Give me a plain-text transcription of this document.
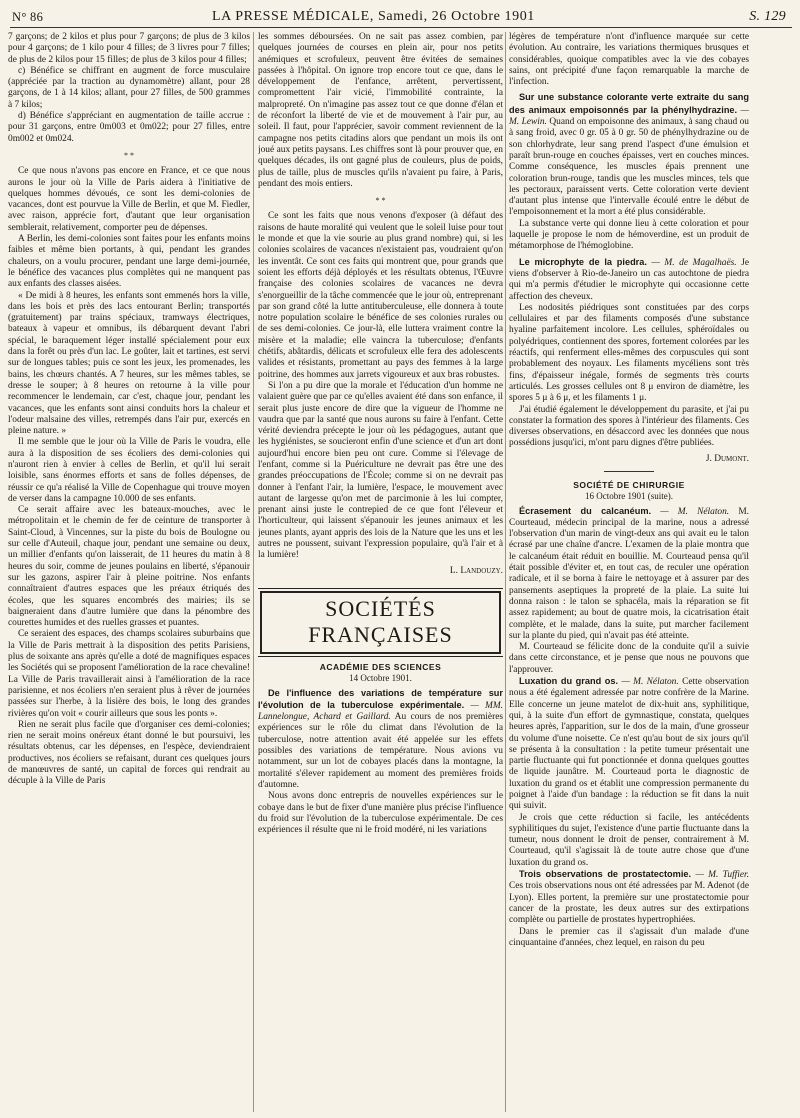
N° 86	LA PRESSE MÉDICALE, Samedi, 26 Octobre 1901	S. 129

7 garçons; de 2 kilos et plus pour 7 garçons; de plus de 3 kilos pour 4 garçons; de 1 kilo pour 4 filles; de 3 livres pour 7 filles; de plus de 2 kilos pour 15 filles; de plus de 3 kilos pour 4 filles;

c) Bénéfice se chiffrant en augment de force musculaire (appréciée par la traction au dynamomètre) allant, pour 28 garçons, de 1 à 14 kilos; allant, pour 27 filles, de 500 grammes à 7 kilos;

d) Bénéfice s'appréciant en augmentation de taille accrue : pour 31 garçons, entre 0m003 et 0m022; pour 27 filles, entre 0m002 et 0m024.

* *

Ce que nous n'avons pas encore en France, et ce que nous aurons le jour où la Ville de Paris aidera à l'initiative de quelques hommes dévoués, ce sont les demi-colonies de vacances, dont est pourvue la Ville de Berlin, et que M. Fiedler, avec raison, apprécie fort, d'autant que leur organisation semblerait, relativement, comporter peu de dépenses.

A Berlin, les demi-colonies sont faites pour les enfants moins faibles et même bien portants, à qui, pendant les grandes chaleurs, on a voulu procurer, pendant une large demi-journée, le bénéfice des vacances plus complètes qui ne manquent pas aux enfants des classes aisées.

« De midi à 8 heures, les enfants sont emmenés hors la ville, dans les bois et près des lacs entourant Berlin; transportés (gratuitement) par trains spéciaux, tramways électriques, bateaux à vapeur et omnibus, ils débarquent devant l'abri spécial, le baraquement léger installé spécialement pour eux dans la forêt ou près d'un lac. Le goûter, lait et tartines, est servi sur de longues tables; puis ce sont les jeux, les promenades, les bains, les chœurs chantés. A 7 heures, sur les mêmes tables, se dresse le souper; à 8 heures on retourne à la ville pour recommencer le lendemain, car c'est, chaque jour, pendant les vacances, que les enfants sont ainsi conduits hors la chaleur et l'odeur malsaine des villes, retrempés dans l'air pur, exercés en pleine nature. »

Il me semble que le jour où la Ville de Paris le voudra, elle aura à la disposition de ses écoliers des demi-colonies qui n'auront rien à envier à celles de Berlin, et qu'il lui serait loisible, sans énormes efforts et sans de folles dépenses, de réussir ce qu'a réalisé la Ville de Copenhague qui trouve moyen de verser dans la campagne 10.000 de ses enfants.

Ce serait affaire avec les bateaux-mouches, avec le métropolitain et le chemin de fer de ceinture de transporter à Saint-Cloud, à Vincennes, sur la piste du bois de Boulogne ou sur celle d'Auteuil, chaque jour, pendant une semaine ou deux, un millier d'enfants qu'on laisserait, de 11 heures du matin à 8 heures du soir, comme de jeunes poulains en liberté, s'épanouir sur les gazons, aspirer l'air à pleine poitrine. Nos enfants connaîtraient d'autres espaces que les préaux étriqués des écoles, que les squares encombrés des mairies; ils se baigneraient dans d'autre lumière que dans la pénombre des courettes humides et des ruelles grasses et puantes.

Ce seraient des espaces, des champs scolaires suburbains que la Ville de Paris mettrait à la disposition des petits Parisiens, plus de soixante ans après qu'elle a doté de magnifiques espaces les Sociétés qui se proposent l'amélioration de la race chevaline! La Ville de Paris travaillerait ainsi à l'amélioration de la race parisienne, et nos écoliers n'en seraient plus à rêver de journées passées sur l'herbe, à la lisière des bois, le long des grandes rivières qu'on voit « courir ailleurs que sous les ponts ».

Rien ne serait plus facile que d'organiser ces demi-colonies; rien ne serait moins onéreux étant donné le but poursuivi, les résultats obtenus, car les dépenses, en l'espèce, deviendraient productives, nos écoliers se refaisant, durant ces quelques jours de manœuvres de santé, un capital de forces qui rendrait au décuple à la Ville de Paris

les sommes déboursées. On ne sait pas assez combien, par quelques journées de courses en plein air, pour nos petits anémiques et scrofuleux, peuvent être évitées de semaines passées à l'hôpital. On ignore trop encore tout ce que, dans le développement de l'enfance, arrêtent, pervertissent, compromettent l'air vicié, l'immobilité contrainte, la malpropreté. On n'imagine pas assez tout ce que donne d'élan et de réconfort la liberté de vie et de mouvement à l'air pur, au soleil. Il faut, pour l'apprécier, savoir comment reviennent de la campagne nos petits citadins alors que pendant un mois ils ont joué aux petits paysans. Les chiffres sont là pour prouver que, en quelques décades, ils ont gagné plus de couleurs, plus de poids, plus de taille, plus de muscles qu'ils n'avaient pu faire, à Paris, pendant des mois entiers.

* *

Ce sont les faits que nous venons d'exposer (à défaut des raisons de haute moralité qui veulent que le soleil luise pour tout le monde et que la vie sourie au plus grand nombre) qui, si les colonies scolaires de vacances n'existaient pas, voudraient qu'on les inventât. Ce sont ces faits qui montrent que, pour grands que soient les efforts déjà déployés et les résultats obtenus, l'Œuvre française des colonies scolaires de vacances ne devra s'enorgueillir de la tâche commencée que le jour où, entreprenant par son grand côté la lutte antituberculeuse, elle donnera à toute notre population scolaire le bénéfice de ses colonies rurales ou de ses demi-colonies. Ce jour-là, elle luttera vraiment contre la misère et la maladie; elle vaincra la tuberculose; d'enfants chétifs, abâtardis, délicats et scrofuleux elle fera des adolescents valides et résistants, promettant au pays des femmes à la large poitrine, des hommes aux jarrets vigoureux et aux bras robustes.

Si l'on a pu dire que la morale et l'éducation d'un homme ne valaient guère que par ce qu'elles avaient été dans son enfance, il serait plus juste encore de dire que la vigueur de l'homme ne vaudra que par la santé que nous aurons su faire à l'enfant. Cette vérité deviendra précepte le jour où les pédagogues, autant que les hygiénistes, se soucieront enfin d'une science et d'un art dont aujourd'hui encore bien peu ont cure. Comme si l'élevage de l'enfant, comme si la Puériculture ne devrait pas être une des grandes préoccupations de l'École; comme si on ne devrait pas donner à l'enfant l'air, la lumière, l'espace, le mouvement avec autant de largesse qu'on met de parcimonie à les lui compter, prenant ainsi juste le contrepied de ce que font l'éleveur et l'horticulteur, qui laissent s'épanouir les jeunes animaux et les jeunes plants, ayant appris des lois de la Nature que les uns et les autres ne poussent, suivant l'expression populaire, qu'à l'air et à la lumière!

L. Landouzy.

SOCIÉTÉS FRANÇAISES

ACADÉMIE DES SCIENCES

14 Octobre 1901.

De l'influence des variations de température sur l'évolution de la tuberculose expérimentale. — MM. Lannelongue, Achard et Gaillard. Au cours de nos premières expériences sur le rôle du climat dans l'évolution de la tuberculose, notre attention avait été appelée sur les effets possibles des variations de température. Nous avions vu notamment, sur un lot de cobayes placés dans la montagne, la mortalité s'élever rapidement au moment des premières froids d'automne.

Nous avons donc entrepris de nouvelles expériences sur le cobaye dans le but de fixer d'une manière plus précise l'influence du froid sur l'évolution de la tuberculose expérimentale. De ces expériences il résulte que ni le froid modéré, ni les variations

légères de température n'ont d'influence marquée sur cette évolution. Au contraire, les variations thermiques brusques et considérables, quoique compatibles avec la vie des cobayes sains, ont précipité d'une façon remarquable la marche de l'infection.

Sur une substance colorante verte extraite du sang des animaux empoisonnés par la phénylhydrazine. — M. Lewin. Quand on empoisonne des animaux, à sang chaud ou à sang froid, avec 0 gr. 05 à 0 gr. 50 de phénylhydrazine ou de son chlorhydrate, leur sang prend l'aspect d'une émulsion et paraît brun-rouge en couches épaisses, vert en couches minces. Comme conséquence, les muscles épais prennent une coloration brun-rouge, tandis que les muscles minces, tels que les pectoraux, paraissent verts. Cette coloration verte devient d'autant plus intense que l'intervalle écoulé entre le début de l'empoisonnement et la mort a été plus considérable.

La substance verte qui donne lieu à cette coloration et pour laquelle je propose le nom de hémoverdine, est un produit de métamorphose de l'hémoglobine.

Le microphyte de la piedra. — M. de Magalhaës. Je viens d'observer à Rio-de-Janeiro un cas autochtone de piedra qui m'a permis d'étudier le microphyte qui occasionne cette affection des cheveux.

Les nodosités piédriques sont constituées par des corps cellulaires et par des filaments composés d'une substance hyaline parfaitement incolore. Les cellules, sphéroïdales ou polyédriques, contiennent des spores, fortement colorées par les réactifs, qui renferment elles-mêmes des corpuscules qui sont probablement des noyaux. Les filaments mycéliens sont très fins, d'épaisseur inégale, formés de segments très courts articulés. Les grosses cellules ont 8 μ environ de diamètre, les spores 5 μ à 6 μ, et les filaments 1 μ.

J'ai étudié également le développement du parasite, et j'ai pu constater la formation des spores à l'intérieur des filaments. Ces diverses observations, en désaccord avec les données que nous possédions jusqu'ici, m'ont paru dignes d'être publiées.

J. Dumont.

SOCIÉTÉ DE CHIRURGIE

16 Octobre 1901 (suite).

Écrasement du calcanéum. — M. Nélaton. M. Courteaud, médecin principal de la marine, nous a adressé l'observation d'un marin de vingt-deux ans qui avait eu le talon écrasé par une chaîne d'ancre. L'examen de la plaie montra que le calcanéum était réduit en bouillie. M. Courteaud pensa qu'il était possible d'éviter et, en tout cas, de reculer une opération radicale, et il se borna à faire le nettoyage et à assurer par des pansements aseptiques la propreté de la plaie. La suite lui donna raison : le talon se sphacéla, mais la réparation se fit assez rapidement; au bout de quatre mois, la cicatrisation était complète, et le malade, dans la suite, put marcher facilement sur la plante du pied, qui n'avait pas été atteinte.

M. Courteaud se félicite donc de la conduite qu'il a suivie dans cette circonstance, et je pense que nous ne pouvons que l'approuver.

Luxation du grand os. — M. Nélaton. Cette observation nous a été également adressée par notre confrère de la Marine. Elle concerne un jeune matelot de dix-huit ans, syphilitique, qui, à la suite d'un effort de gymnastique, constata, quelques heures après, l'apparition, sur le dos de la main, d'une grosseur du volume d'une noisette. Ce n'est qu'au bout de six jours qu'il se présenta à la consultation : la petite tumeur présentait une partie fluctuante qui fut ponctionnée et donna quelques gouttes de liquide jaunâtre. M. Courteaud porta le diagnostic de luxation du grand os et établit une compression permanente du poignet à l'aide d'un bandage : la réduction se fit dans la nuit qui suivit.

Je crois que cette réduction si facile, les antécédents syphilitiques du sujet, l'existence d'une partie fluctuante dans la tumeur, nous donnent le droit de penser, contrairement à M. Courteaud, qu'il s'agissait là de toute autre chose que d'une luxation du grand os.

Trois observations de prostatectomie. — M. Tuffier. Ces trois observations nous ont été adressées par M. Adenot (de Lyon). Elles portent, la première sur une prostatectomie pour cancer de la prostate, les deux autres sur des extirpations complète ou partielle de prostates hypertrophiées.

Dans le premier cas il s'agissait d'un malade d'une cinquantaine d'années, chez lequel, en raison du peu
